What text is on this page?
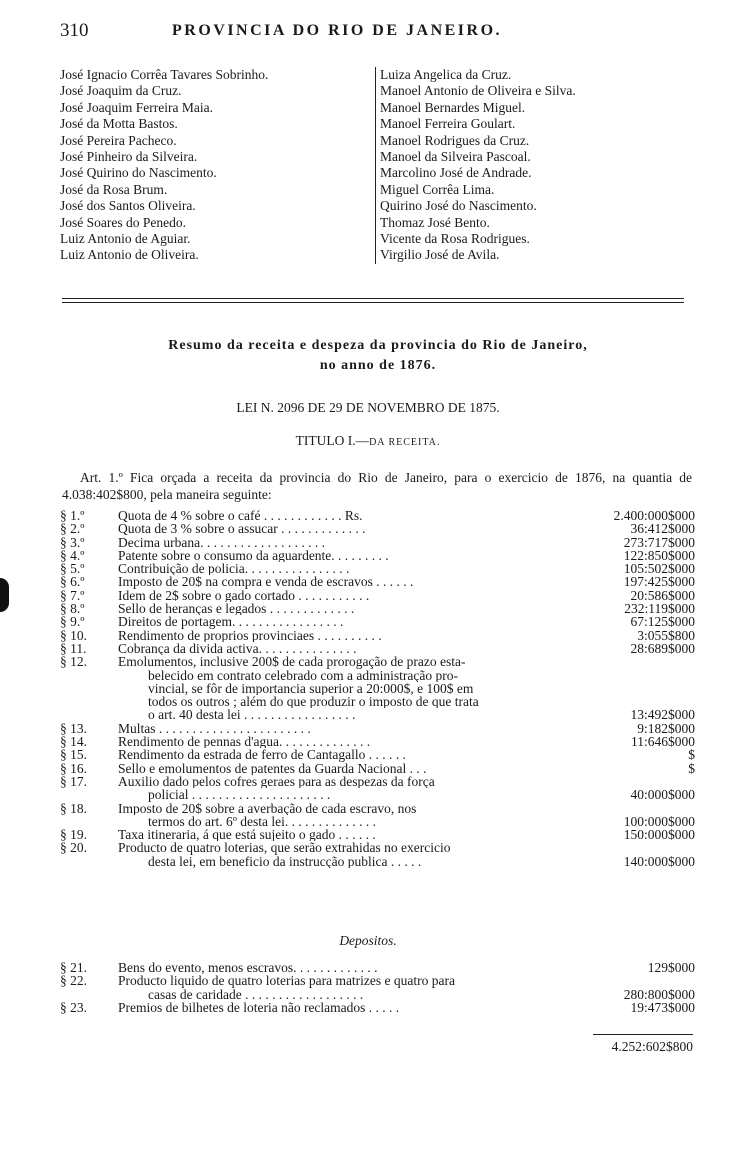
310	PROVINCIA DO RIO DE JANEIRO.
José Ignacio Corrêa Tavares Sobrinho.
José Joaquim da Cruz.
José Joaquim Ferreira Maia.
José da Motta Bastos.
José Pereira Pacheco.
José Pinheiro da Silveira.
José Quirino do Nascimento.
José da Rosa Brum.
José dos Santos Oliveira.
José Soares do Penedo.
Luiz Antonio de Aguiar.
Luiz Antonio de Oliveira.
Luiza Angelica da Cruz.
Manoel Antonio de Oliveira e Silva.
Manoel Bernardes Miguel.
Manoel Ferreira Goulart.
Manoel Rodrigues da Cruz.
Manoel da Silveira Pascoal.
Marcolino José de Andrade.
Miguel Corrêa Lima.
Quirino José do Nascimento.
Thomaz José Bento.
Vicente da Rosa Rodrigues.
Virgilio José de Avila.
Resumo da receita e despeza da provincia do Rio de Janeiro,
no anno de 1876.
LEI N. 2096 DE 29 DE NOVEMBRO DE 1875.
TITULO I.—DA RECEITA.
Art. 1.º Fica orçada a receita da provincia do Rio de Janeiro, para o exercicio de 1876, na quantia de 4.038:402$800, pela maneira seguinte:
§ 1.º	Quota de 4 % sobre o café . . . . . . . . . . . . Rs.	2.400:000$000
§ 2.º	Quota de 3 % sobre o assucar . . . . . . . . . . . . .	36:412$000
§ 3.º	Decima urbana. . . . . . . . . . . . . . . . . . .	273:717$000
§ 4.º	Patente sobre o consumo da aguardente. . . . . . . . .	122:850$000
§ 5.º	Contribuição de policia. . . . . . . . . . . . . . . .	105:502$000
§ 6.º	Imposto de 20$ na compra e venda de escravos . . . . . .	197:425$000
§ 7.º	Idem de 2$ sobre o gado cortado . . . . . . . . . . .	20:586$000
§ 8.º	Sello de heranças e legados . . . . . . . . . . . . .	232:119$000
§ 9.º	Direitos de portagem. . . . . . . . . . . . . . . . .	67:125$000
§ 10.	Rendimento de proprios provinciaes . . . . . . . . . .	3:055$800
§ 11.	Cobrança da divida activa. . . . . . . . . . . . . . .	28:689$000
§ 12.	Emolumentos, inclusive 200$ de cada prorogação de prazo esta-
belecido em contrato celebrado com a administração pro-
vincial, se fôr de importancia superior a 20:000$, e 100$ em
todos os outros ; além do que produzir o imposto de que trata
o art. 40 desta lei . . . . . . . . . . . . . . . . .	13:492$000
§ 13.	Multas . . . . . . . . . . . . . . . . . . . . . . .	9:182$000
§ 14.	Rendimento de pennas d'agua. . . . . . . . . . . . . .	11:646$000
§ 15.	Rendimento da estrada de ferro de Cantagallo . . . . . .	$
§ 16.	Sello e emolumentos de patentes da Guarda Nacional . . .	$
§ 17.	Auxilio dado pelos cofres geraes para as despezas da força
policial . . . . . . . . . . . . . . . . . . . . .	40:000$000
§ 18.	Imposto de 20$ sobre a averbação de cada escravo, nos
termos do art. 6º desta lei. . . . . . . . . . . . . .	100:000$000
§ 19.	Taxa itineraria, á que está sujeito o gado . . . . . .	150:000$000
§ 20.	Producto de quatro loterias, que serão extrahidas no exercicio
desta lei, em beneficio da instrucção publica . . . . .	140:000$000
Depositos.
§ 21.	Bens do evento, menos escravos. . . . . . . . . . . . .	129$000
§ 22.	Producto liquido de quatro loterias para matrizes e quatro para
casas de caridade . . . . . . . . . . . . . . . . . .	280:800$000
§ 23.	Premios de bilhetes de loteria não reclamados . . . . .	19:473$000
4.252:602$800
